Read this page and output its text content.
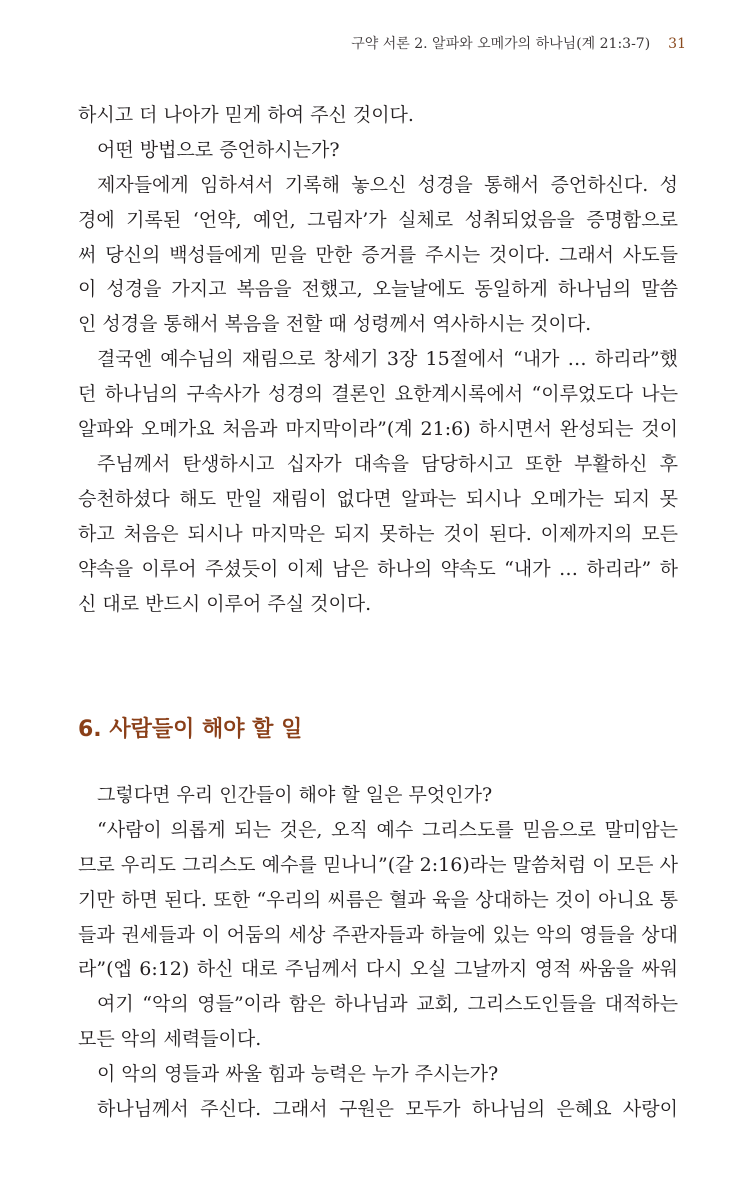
구약 서론 2. 알파와 오메가의 하나님(계 21:3-7) 31
하시고 더 나아가 믿게 하여 주신 것이다.
어떤 방법으로 증언하시는가?
제자들에게 임하셔서 기록해 놓으신 성경을 통해서 증언하신다. 성
경에 기록된 ‘언약, 예언, 그림자’가 실체로 성취되었음을 증명함으로
써 당신의 백성들에게 믿을 만한 증거를 주시는 것이다. 그래서 사도들
이 성경을 가지고 복음을 전했고, 오늘날에도 동일하게 하나님의 말씀
인 성경을 통해서 복음을 전할 때 성령께서 역사하시는 것이다.
결국엔 예수님의 재림으로 창세기 3장 15절에서 “내가 … 하리라”했
던 하나님의 구속사가 성경의 결론인 요한계시록에서 “이루었도다 나는
알파와 오메가요 처음과 마지막이라”(계 21:6) 하시면서 완성되는 것이
주님께서 탄생하시고 십자가 대속을 담당하시고 또한 부활하신 후
승천하셨다 해도 만일 재림이 없다면 알파는 되시나 오메가는 되지 못
하고 처음은 되시나 마지막은 되지 못하는 것이 된다. 이제까지의 모든
약속을 이루어 주셨듯이 이제 남은 하나의 약속도 “내가 … 하리라” 하
신 대로 반드시 이루어 주실 것이다.
6. 사람들이 해야 할 일
그렇다면 우리 인간들이 해야 할 일은 무엇인가?
“사람이 의롭게 되는 것은, 오직 예수 그리스도를 믿음으로 말미암는
므로 우리도 그리스도 예수를 믿나니”(갈 2:16)라는 말씀처럼 이 모든 사
기만 하면 된다. 또한 “우리의 씨름은 혈과 육을 상대하는 것이 아니요 통
들과 권세들과 이 어둠의 세상 주관자들과 하늘에 있는 악의 영들을 상대
라”(엡 6:12) 하신 대로 주님께서 다시 오실 그날까지 영적 싸움을 싸워
여기 “악의 영들”이라 함은 하나님과 교회, 그리스도인들을 대적하는
모든 악의 세력들이다.
이 악의 영들과 싸울 힘과 능력은 누가 주시는가?
하나님께서 주신다. 그래서 구원은 모두가 하나님의 은혜요 사랑이
